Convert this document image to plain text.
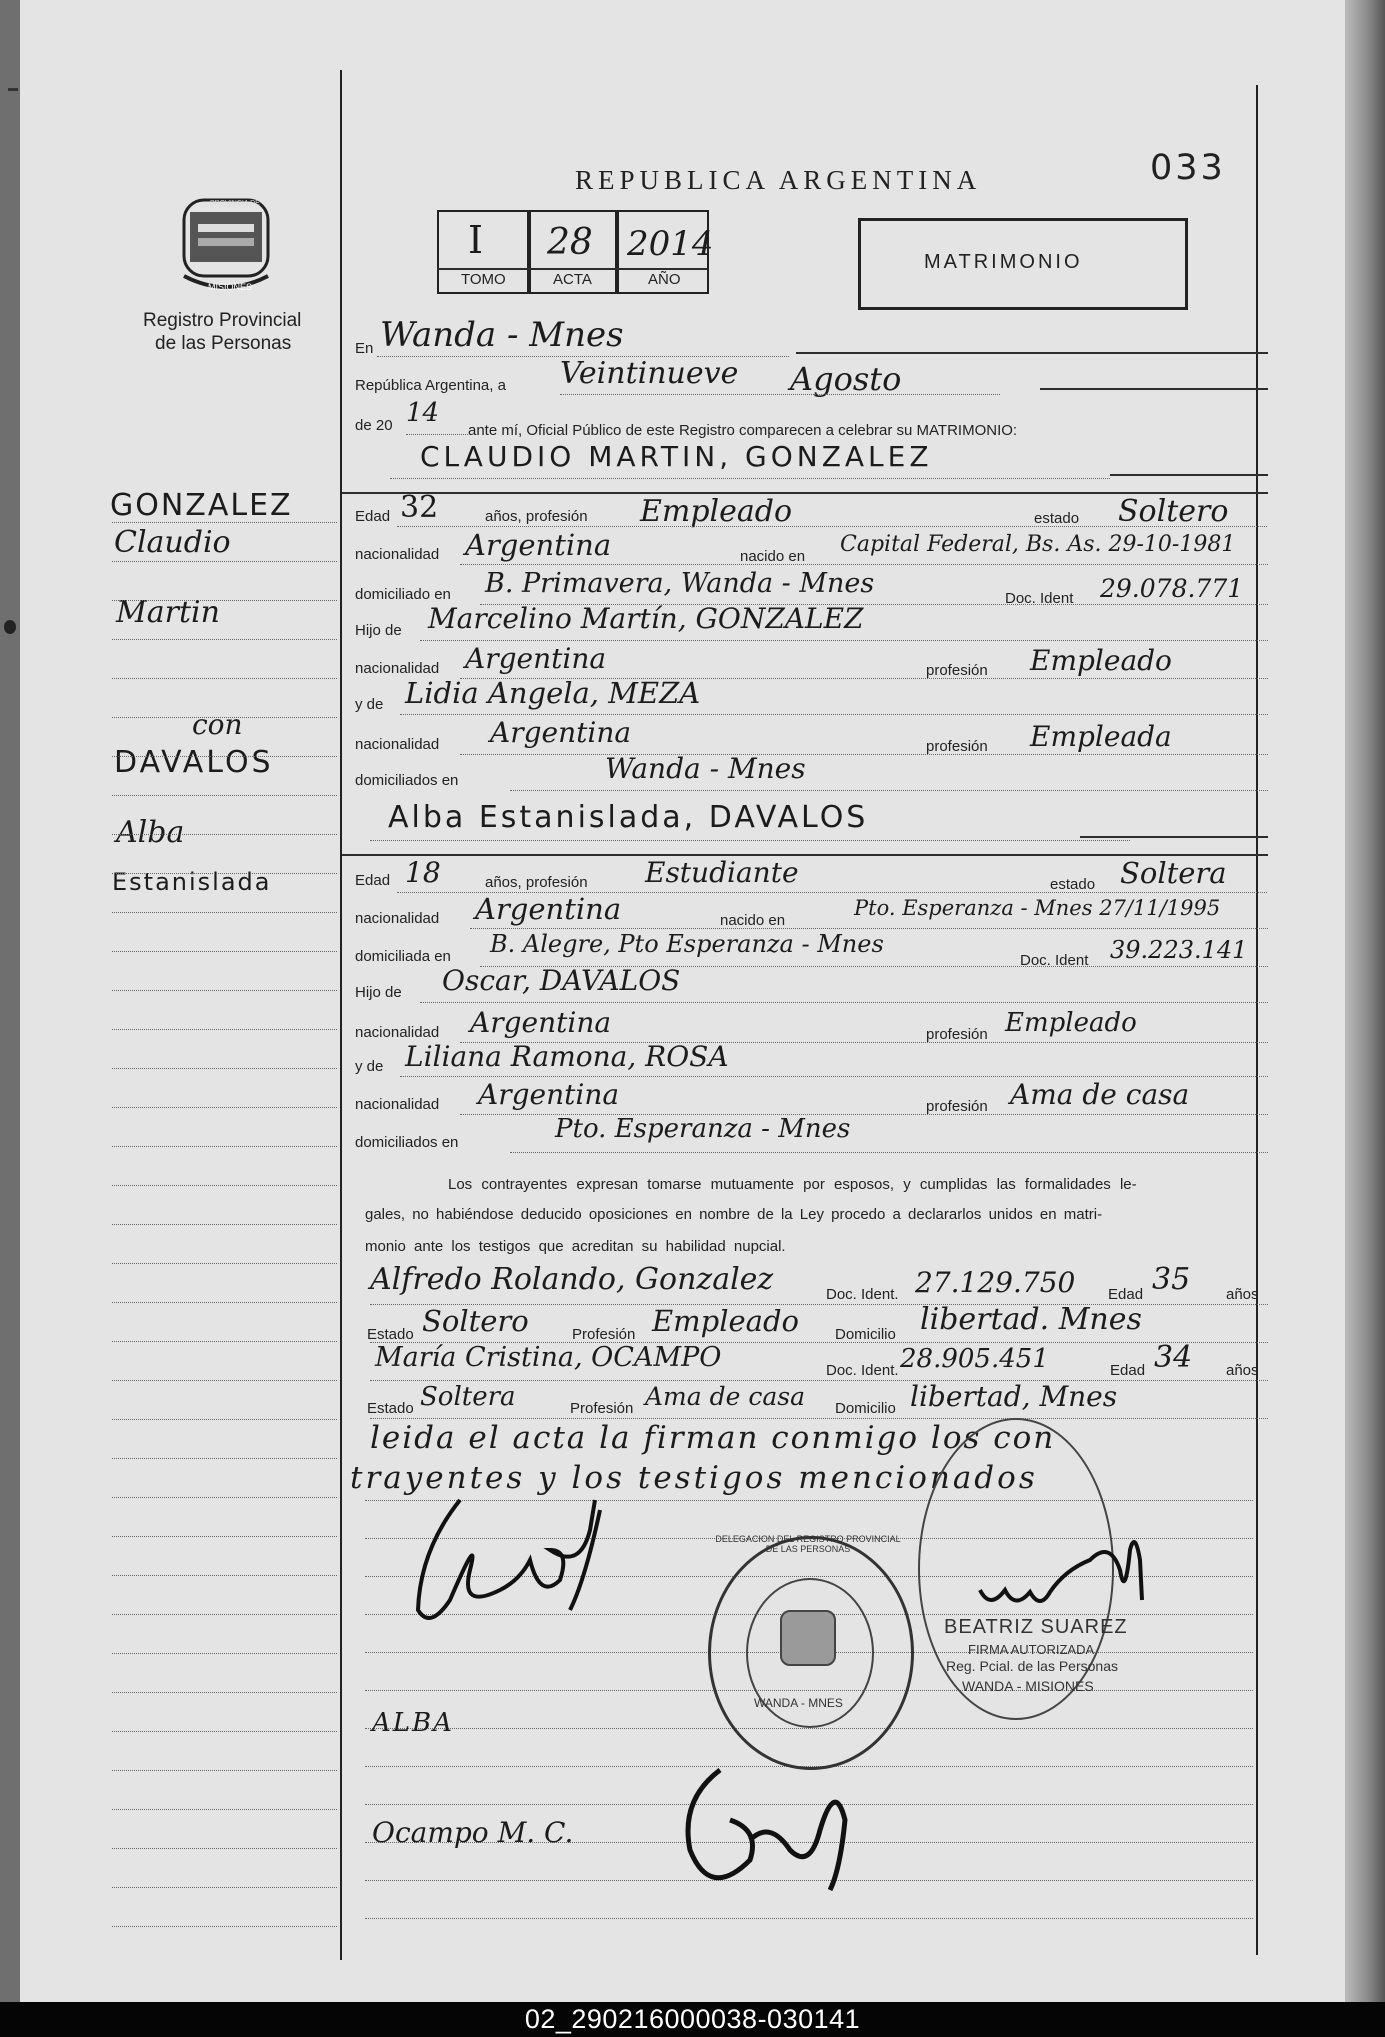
PROVINCIA DE
MISIONES
Registro Provincial
de las Personas
REPUBLICA ARGENTINA	033
I 28 2014
TOMO	ACTA	AÑO
MATRIMONIO
GONZALEZ
Claudio
Martin
con
DAVALOS
Alba
Estanislada
En Wanda - Mnes
República Argentina, a Veintinueve Agosto
de 20 14
ante mí, Oficial Público de este Registro comparecen a celebrar su MATRIMONIO:
CLAUDIO MARTIN, GONZALEZ
Edad 32	años, profesión Empleado	estado Soltero
nacionalidad Argentina	nacido en Capital Federal, Bs. As. 29-10-1981
domiciliado en B. Primavera, Wanda - Mnes	Doc. Ident 29.078.771
Hijo de Marcelino Martín, GONZALEZ
nacionalidad Argentina	profesión Empleado
y de Lidia Angela, MEZA
nacionalidad Argentina	profesión Empleada
domiciliados en	Wanda - Mnes
Alba Estanislada, DAVALOS
Edad 18	años, profesión Estudiante	estado Soltera
nacionalidad Argentina	nacido en
Pto. Esperanza - Mnes 27/11/1995
domiciliada en B. Alegre, Pto Esperanza - Mnes
Doc. Ident 39.223.141
Hijo de Oscar, DAVALOS
nacionalidad Argentina	profesión Empleado
y de Liliana Ramona, ROSA
nacionalidad Argentina	profesión Ama de casa
domiciliados en	Pto. Esperanza - Mnes
Los contrayentes expresan tomarse mutuamente por esposos, y cumplidas las formalidades le-
gales, no habiéndose deducido oposiciones en nombre de la Ley procedo a declararlos unidos en matri-
monio ante los testigos que acreditan su habilidad nupcial.
Alfredo Rolando, Gonzalez	Doc. Ident. 27.129.750 Edad 35 años
Estado Soltero	Profesión Empleado Domicilio libertad. Mnes
María Cristina, OCAMPO	Doc. Ident. 28.905.451	Edad 34 años
Estado Soltera	Profesión Ama de casa Domicilio libertad, Mnes
leida el acta la firman conmigo los con
trayentes y los testigos mencionados
DELEGACION DEL REGISTRO PROVINCIAL DE LAS PERSONAS
WANDA - MNES
BEATRIZ SUAREZ
FIRMA AUTORIZADA
Reg. Pcial. de las Personas
WANDA - MISIONES
ALBA
Ocampo M. C.
02_290216000038-030141
